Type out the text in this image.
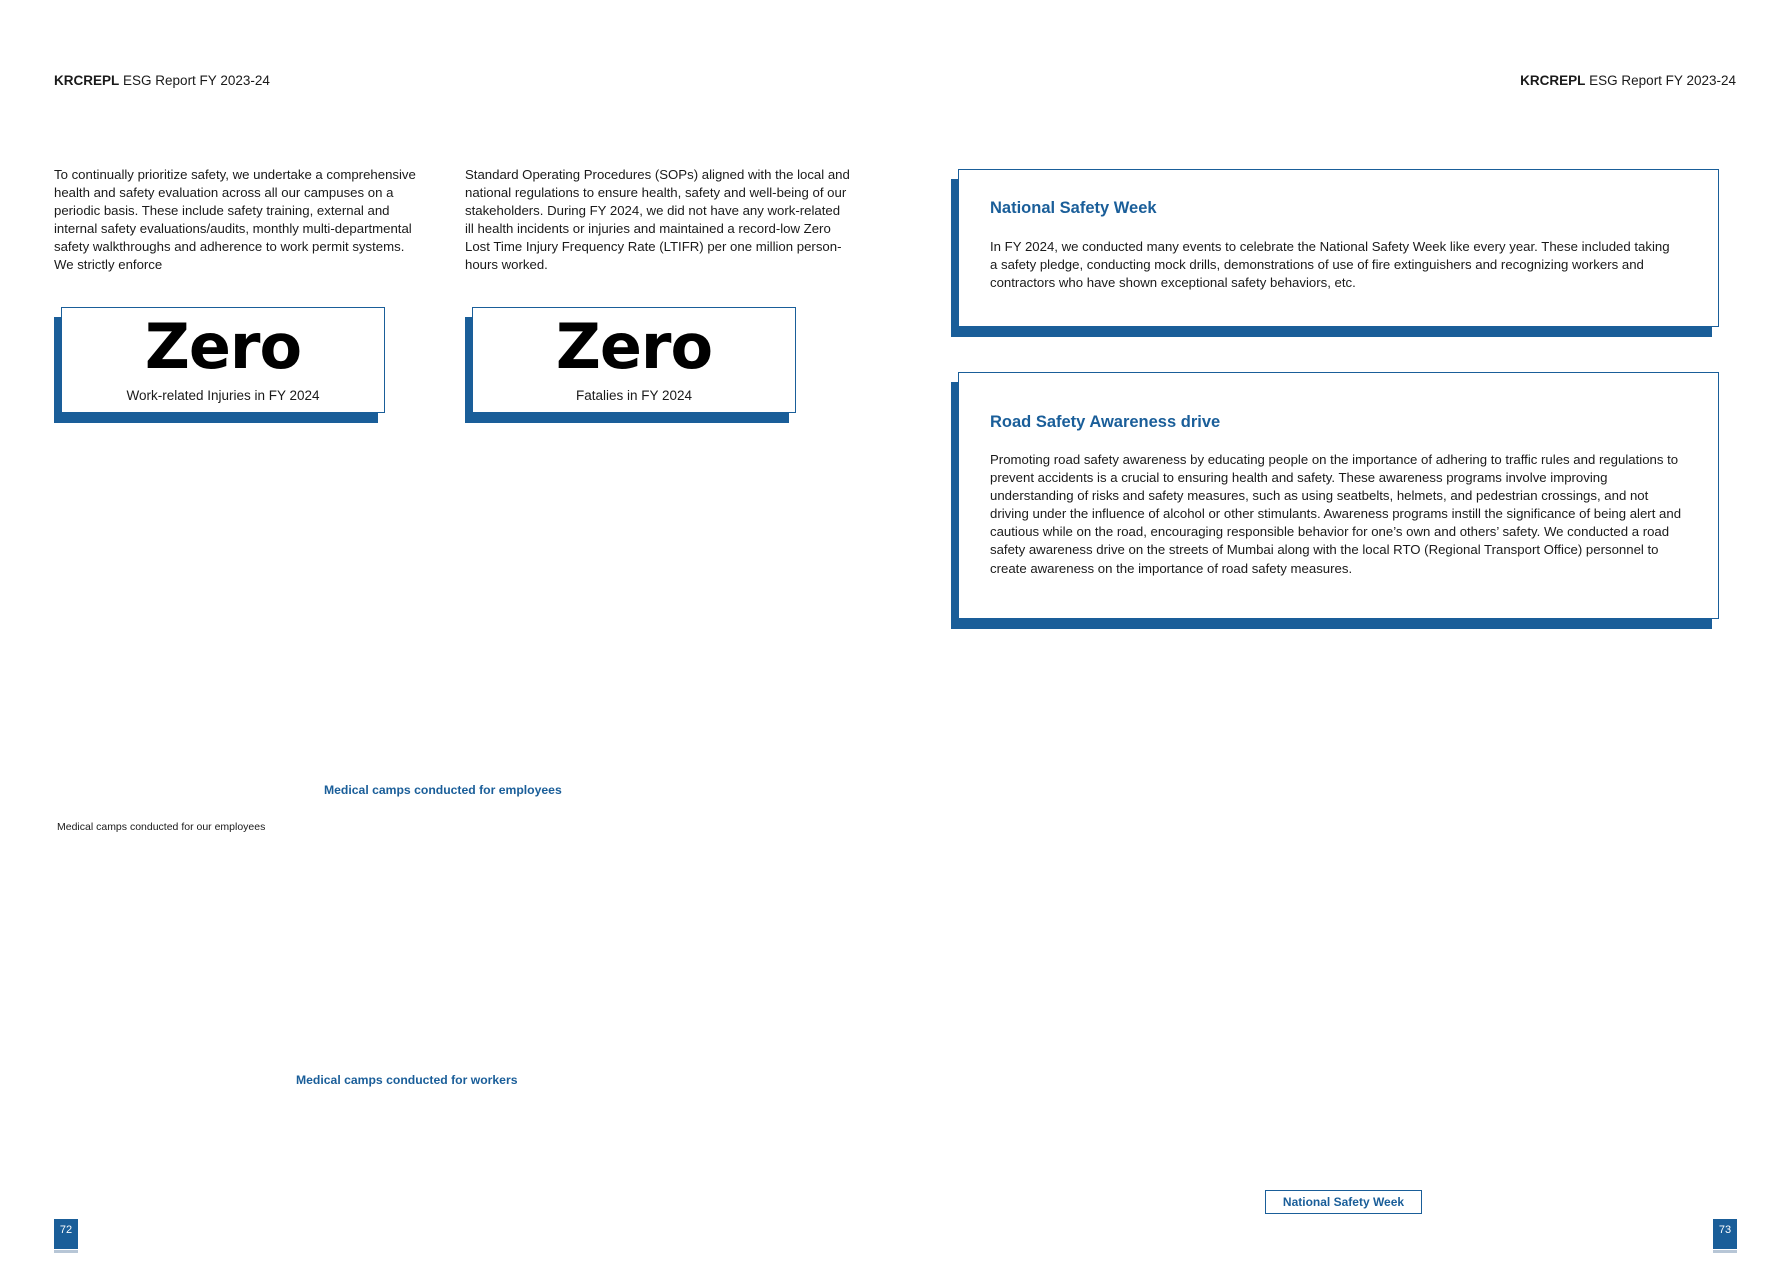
KRCREPL ESG Report FY 2023-24	KRCREPL ESG Report FY 2023-24
To continually prioritize safety, we undertake a comprehensive health and safety evaluation across all our campuses on a periodic basis. These include safety training, external and internal safety evaluations/audits, monthly multi-departmental safety walkthroughs and adherence to work permit systems. We strictly enforce
Standard Operating Procedures (SOPs) aligned with the local and national regulations to ensure health, safety and well-being of our stakeholders. During FY 2024, we did not have any work-related ill health incidents or injuries and maintained a record-low Zero Lost Time Injury Frequency Rate (LTIFR) per one million person-hours worked.
Zero
Work-related Injuries in FY 2024
Zero
Fatalies in FY 2024
Medical camps conducted for employees
Medical camps conducted for our employees
Medical camps conducted for workers
72
National Safety Week

In FY 2024, we conducted many events to celebrate the National Safety Week like every year. These included taking a safety pledge, conducting mock drills, demonstrations of use of fire extinguishers and recognizing workers and contractors who have shown exceptional safety behaviors, etc.

Road Safety Awareness drive

Promoting road safety awareness by educating people on the importance of adhering to traffic rules and regulations to prevent accidents is a crucial to ensuring health and safety. These awareness programs involve improving understanding of risks and safety measures, such as using seatbelts, helmets, and pedestrian crossings, and not driving under the influence of alcohol or other stimulants. Awareness programs instill the significance of being alert and cautious while on the road, encouraging responsible behavior for one’s own and others’ safety. We conducted a road safety awareness drive on the streets of Mumbai along with the local RTO (Regional Transport Office) personnel to create awareness on the importance of road safety measures.

National Safety Week
73
